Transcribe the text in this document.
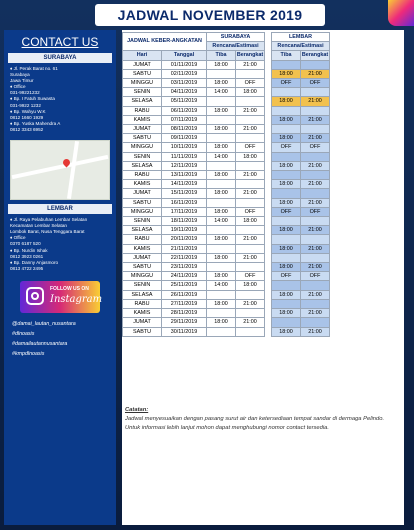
JADWAL NOVEMBER 2019
CONTACT US
SURABAYA
♦ Jl. Perak Barat no. 61
Surabaya
Jawa Timur
♦ Office
031-99221232
♦ Bp. I Fatuh Suwasta
031-9922 1232
♦ Bp. Wahyu W.K
0812 1660 1929
♦ Bp. Yuska Mahendra A
0812 3343 6952
LEMBAR
♦ Jl. Raya Pelabuhan Lembar Selatan
Kecamatan Lembar Selatan
Lombok Barat, Nusa Tenggara Barat
♦ Office
0370 6187 520
♦ Bp. Nurdin Ishak
0812 3923 0261
♦ Bp. Danny Anjasmoro
0813 4722 2495
FOLLOW US ON
Instagram
@damai_lautan_nusantara
#dlnoasis
#damailautannusantara
#kmpdlnoasis
JADWAL KEBER-ANGKATAN		SURABAYA			LEMBAR	
		Rencana/Estimasi			Rencana/Estimasi	
Hari	Tanggal	Tiba	Berangkat		Tiba	Berangkat
JUMAT	01/11/2019	18:00	21:00			
SABTU	02/11/2019				18:00	21:00
MINGGU	03/11/2019	18:00	OFF		OFF	OFF
SENIN	04/11/2019	14:00	18:00			
SELASA	05/11/2019				18:00	21:00
RABU	06/11/2019	18:00	21:00			
KAMIS	07/11/2019				18:00	21:00
JUMAT	08/11/2019	18:00	21:00			
SABTU	09/11/2019				18:00	21:00
MINGGU	10/11/2019	18:00	OFF		OFF	OFF
SENIN	11/11/2019	14:00	18:00			
SELASA	12/11/2019				18:00	21:00
RABU	13/11/2019	18:00	21:00			
KAMIS	14/11/2019				18:00	21:00
JUMAT	15/11/2019	18:00	21:00			
SABTU	16/11/2019				18:00	21:00
MINGGU	17/11/2019	18:00	OFF		OFF	OFF
SENIN	18/11/2019	14:00	18:00			
SELASA	19/11/2019				18:00	21:00
RABU	20/11/2019	18:00	21:00			
KAMIS	21/11/2019				18:00	21:00
JUMAT	22/11/2019	18:00	21:00			
SABTU	23/11/2019				18:00	21:00
MINGGU	24/11/2019	18:00	OFF		OFF	OFF
SENIN	25/11/2019	14:00	18:00			
SELASA	26/11/2019				18:00	21:00
RABU	27/11/2019	18:00	21:00			
KAMIS	28/11/2019				18:00	21:00
JUMAT	29/11/2019	18:00	21:00			
SABTU	30/11/2019				18:00	21:00
Catatan:
Jadwal menyesuaikan dengan pasang surut air dan ketersediaan tempat sandar di dermaga Pelindo.
Untuk informasi lebih lanjut mohon dapat menghubungi nomor contact tersedia.
